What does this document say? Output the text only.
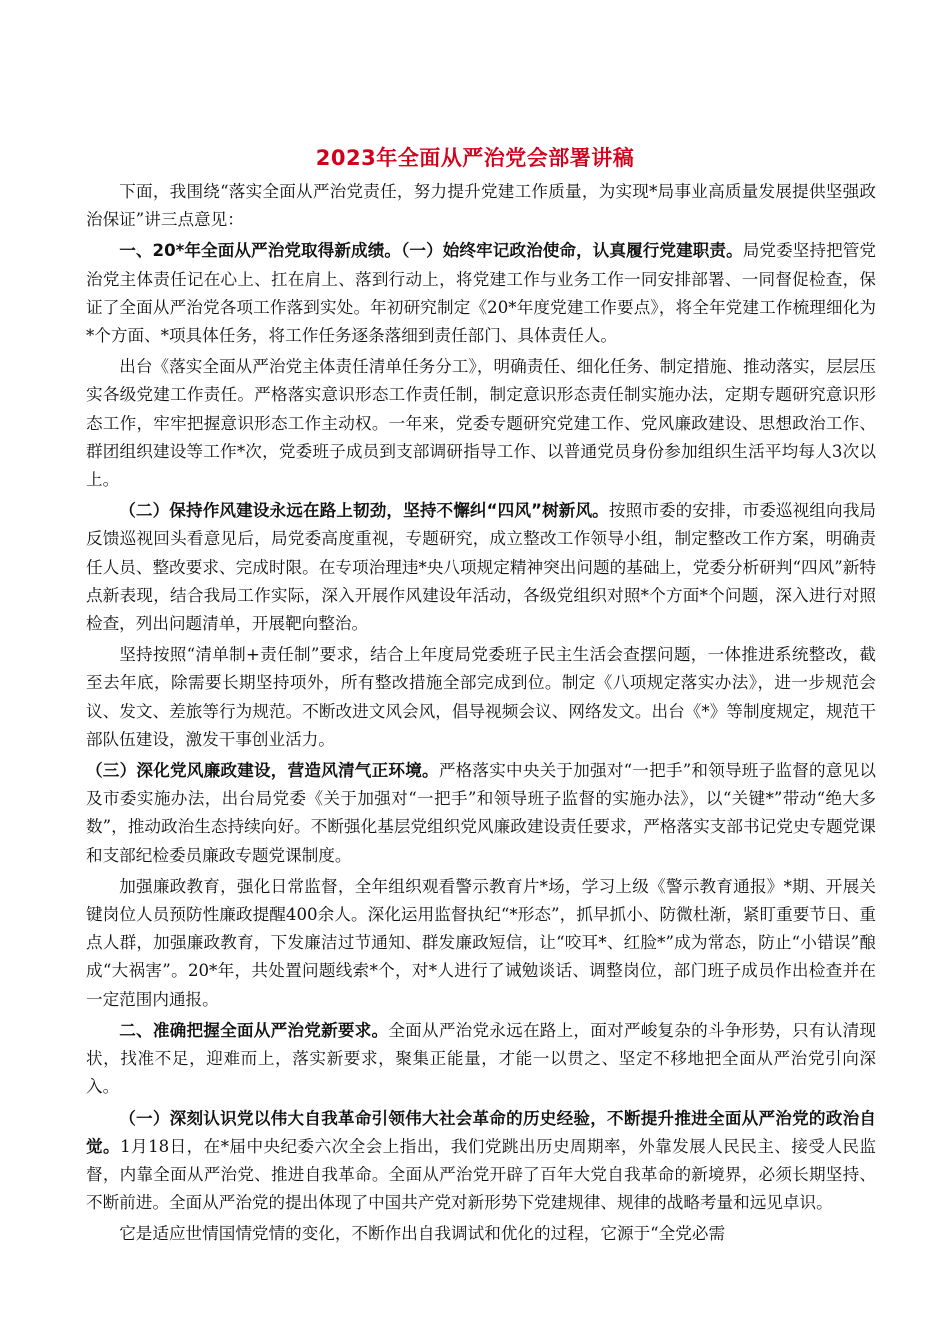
2023年全面从严治党会部署讲稿

下面，我围绕“落实全面从严治党责任，努力提升党建工作质量，为实现*局事业高质量发展提供坚强政治保证”讲三点意见：

一、20*年全面从严治党取得新成绩。（一）始终牢记政治使命，认真履行党建职责。局党委坚持把管党治党主体责任记在心上、扛在肩上、落到行动上，将党建工作与业务工作一同安排部署、一同督促检查，保证了全面从严治党各项工作落到实处。年初研究制定《20*年度党建工作要点》，将全年党建工作梳理细化为*个方面、*项具体任务，将工作任务逐条落细到责任部门、具体责任人。

出台《落实全面从严治党主体责任清单任务分工》，明确责任、细化任务、制定措施、推动落实，层层压实各级党建工作责任。严格落实意识形态工作责任制，制定意识形态责任制实施办法，定期专题研究意识形态工作，牢牢把握意识形态工作主动权。一年来，党委专题研究党建工作、党风廉政建设、思想政治工作、群团组织建设等工作*次，党委班子成员到支部调研指导工作、以普通党员身份参加组织生活平均每人3次以上。

（二）保持作风建设永远在路上韧劲，坚持不懈纠“四风”树新风。按照市委的安排，市委巡视组向我局反馈巡视回头看意见后，局党委高度重视，专题研究，成立整改工作领导小组，制定整改工作方案，明确责任人员、整改要求、完成时限。在专项治理违*央八项规定精神突出问题的基础上，党委分析研判“四风”新特点新表现，结合我局工作实际，深入开展作风建设年活动，各级党组织对照*个方面*个问题，深入进行对照检查，列出问题清单，开展靶向整治。

坚持按照“清单制+责任制”要求，结合上年度局党委班子民主生活会查摆问题，一体推进系统整改，截至去年底，除需要长期坚持项外，所有整改措施全部完成到位。制定《八项规定落实办法》，进一步规范会议、发文、差旅等行为规范。不断改进文风会风，倡导视频会议、网络发文。出台《*》等制度规定，规范干部队伍建设，激发干事创业活力。

（三）深化党风廉政建设，营造风清气正环境。严格落实中央关于加强对“一把手”和领导班子监督的意见以及市委实施办法，出台局党委《关于加强对“一把手”和领导班子监督的实施办法》，以“关键*”带动“绝大多数”，推动政治生态持续向好。不断强化基层党组织党风廉政建设责任要求，严格落实支部书记党史专题党课和支部纪检委员廉政专题党课制度。

加强廉政教育，强化日常监督，全年组织观看警示教育片*场，学习上级《警示教育通报》*期、开展关键岗位人员预防性廉政提醒400余人。深化运用监督执纪“*形态”，抓早抓小、防微杜渐，紧盯重要节日、重点人群，加强廉政教育，下发廉洁过节通知、群发廉政短信，让“咬耳*、红脸*”成为常态，防止“小错误”酿成“大祸害”。20*年，共处置问题线索*个，对*人进行了诫勉谈话、调整岗位，部门班子成员作出检查并在一定范围内通报。

二、准确把握全面从严治党新要求。全面从严治党永远在路上，面对严峻复杂的斗争形势，只有认清现状，找准不足，迎难而上，落实新要求，聚集正能量，才能一以贯之、坚定不移地把全面从严治党引向深入。

（一）深刻认识党以伟大自我革命引领伟大社会革命的历史经验，不断提升推进全面从严治党的政治自觉。1月18日，在*届中央纪委六次全会上指出，我们党跳出历史周期率，外靠发展人民民主、接受人民监督，内靠全面从严治党、推进自我革命。全面从严治党开辟了百年大党自我革命的新境界，必须长期坚持、不断前进。全面从严治党的提出体现了中国共产党对新形势下党建规律、规律的战略考量和远见卓识。

它是适应世情国情党情的变化，不断作出自我调试和优化的过程，它源于“全党必需
